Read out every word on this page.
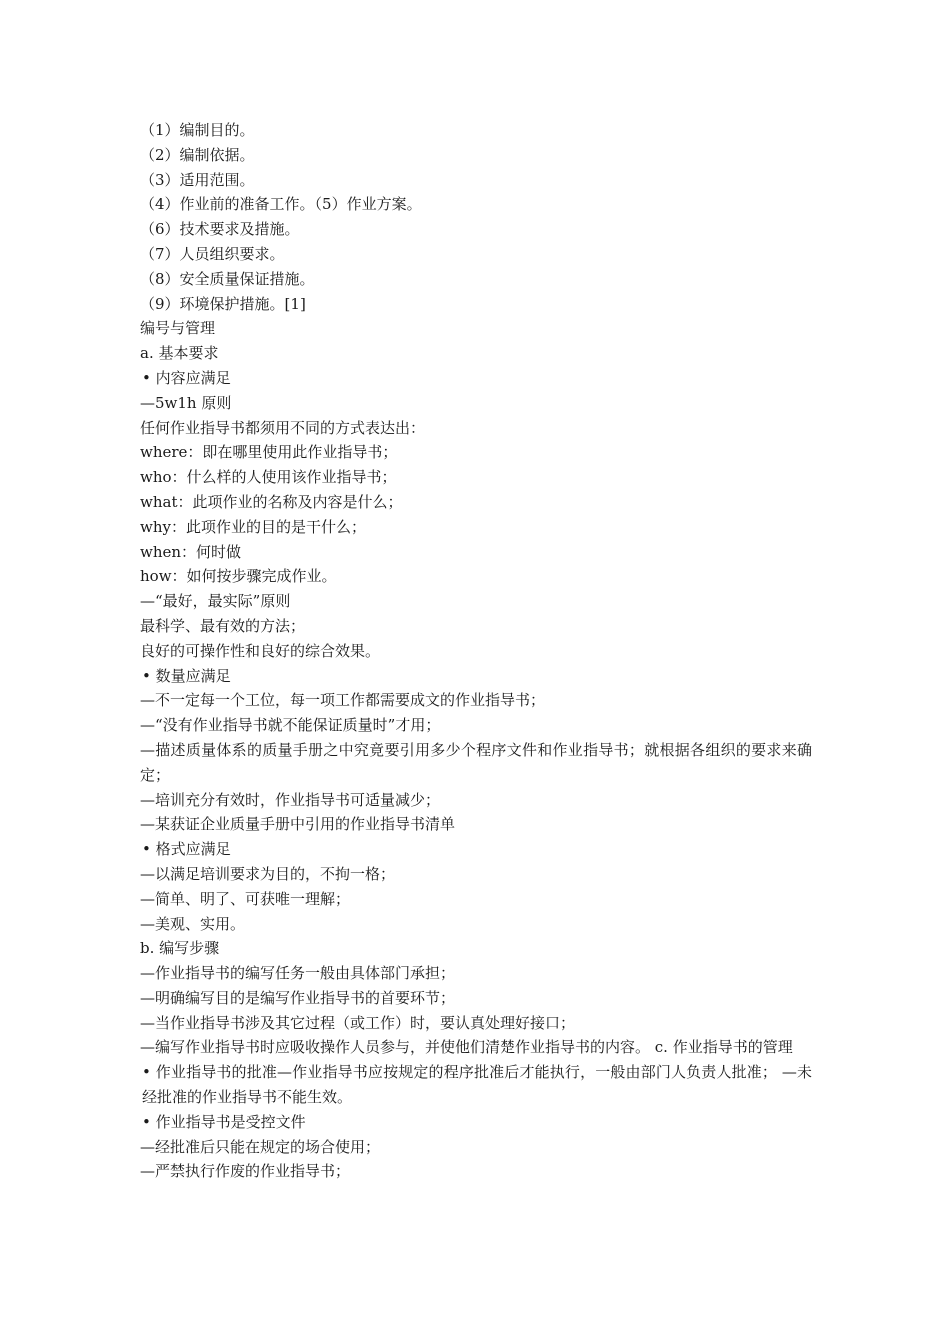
（1）编制目的。

（2）编制依据。

（3）适用范围。

（4）作业前的准备工作。（5）作业方案。

（6）技术要求及措施。

（7）人员组织要求。

（8）安全质量保证措施。

（9）环境保护措施。[1]

编号与管理

a. 基本要求

• 内容应满足

—5w1h 原则

任何作业指导书都须用不同的方式表达出：

where：即在哪里使用此作业指导书；

who：什么样的人使用该作业指导书；

what：此项作业的名称及内容是什么；

why：此项作业的目的是干什么；

when：何时做

how：如何按步骤完成作业。

—“最好，最实际”原则

最科学、最有效的方法；

良好的可操作性和良好的综合效果。

• 数量应满足

—不一定每一个工位，每一项工作都需要成文的作业指导书；

—“没有作业指导书就不能保证质量时”才用；

—描述质量体系的质量手册之中究竟要引用多少个程序文件和作业指导书；就根据各组织的要求来确定；

—培训充分有效时，作业指导书可适量减少；

—某获证企业质量手册中引用的作业指导书清单

• 格式应满足

—以满足培训要求为目的，不拘一格；

—简单、明了、可获唯一理解；

—美观、实用。

b. 编写步骤

—作业指导书的编写任务一般由具体部门承担；

—明确编写目的是编写作业指导书的首要环节；

—当作业指导书涉及其它过程（或工作）时，要认真处理好接口；

—编写作业指导书时应吸收操作人员参与，并使他们清楚作业指导书的内容。 c. 作业指导书的管理

• 作业指导书的批准—作业指导书应按规定的程序批准后才能执行，一般由部门人负责人批准； —未经批准的作业指导书不能生效。

• 作业指导书是受控文件

—经批准后只能在规定的场合使用；

—严禁执行作废的作业指导书；
